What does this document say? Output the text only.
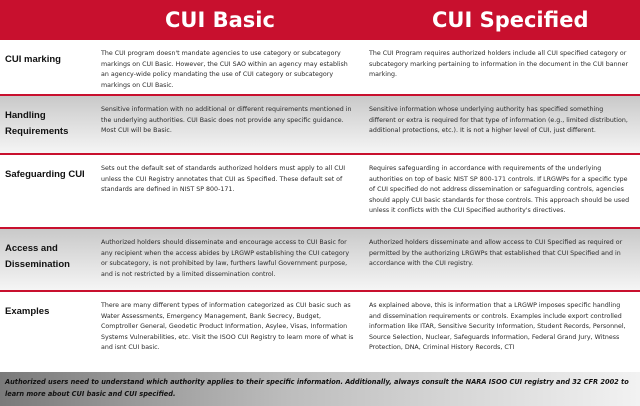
CUI Basic	CUI Specified
CUI marking
The CUI program doesn't mandate agencies to use category or subcategory markings on CUI Basic. However, the CUI SAO within an agency may establish an agency-wide policy mandating the use of CUI category or subcategory markings on CUI Basic.
The CUI Program requires authorized holders include all CUI specified category or subcategory marking pertaining to information in the document in the CUI banner marking.
Handling Requirements
Sensitive information with no additional or different requirements mentioned in the underlying authorities. CUI Basic does not provide any specific guidance. Most CUI will be Basic.
Sensitive information whose underlying authority has specified something different or extra is required for that type of information (e.g., limited distribution, additional protections, etc.). It is not a higher level of CUI, just different.
Safeguarding CUI
Sets out the default set of standards authorized holders must apply to all CUI unless the CUI Registry annotates that CUI as Specified. These default set of standards are defined in NIST SP 800-171.
Requires safeguarding in accordance with requirements of the underlying authorities on top of basic NIST SP 800-171 controls. If LRGWPs for a specific type of CUI specified do not address dissemination or safeguarding controls, agencies should apply CUI basic standards for those controls. This approach should be used unless it conflicts with the CUI Specified authority's directives.
Access and Dissemination
Authorized holders should disseminate and encourage access to CUI Basic for any recipient when the access abides by LRGWP establishing the CUI category or subcategory, is not prohibited by law, furthers lawful Government purpose, and is not restricted by a limited dissemination control.
Authorized holders disseminate and allow access to CUI Specified as required or permitted by the authorizing LRGWPs that established that CUI Specified and in accordance with the CUI registry.
Examples
There are many different types of information categorized as CUI basic such as Water Assessments, Emergency Management, Bank Secrecy, Budget, Comptroller General, Geodetic Product Information, Asylee, Visas, Information Systems Vulnerabilities, etc. Visit the ISOO CUI Registry to learn more of what is and isnt CUI basic.
As explained above, this is information that a LRGWP imposes specific handling and dissemination requirements or controls. Examples include export controlled information like ITAR, Sensitive Security Information, Student Records, Personnel, Source Selection, Nuclear, Safeguards Information, Federal Grand Jury, Witness Protection, DNA, Criminal History Records, CTI
Authorized users need to understand which authority applies to their specific information. Additionally, always consult the NARA ISOO CUI registry and 32 CFR 2002 to learn more about CUI basic and CUI specified.
